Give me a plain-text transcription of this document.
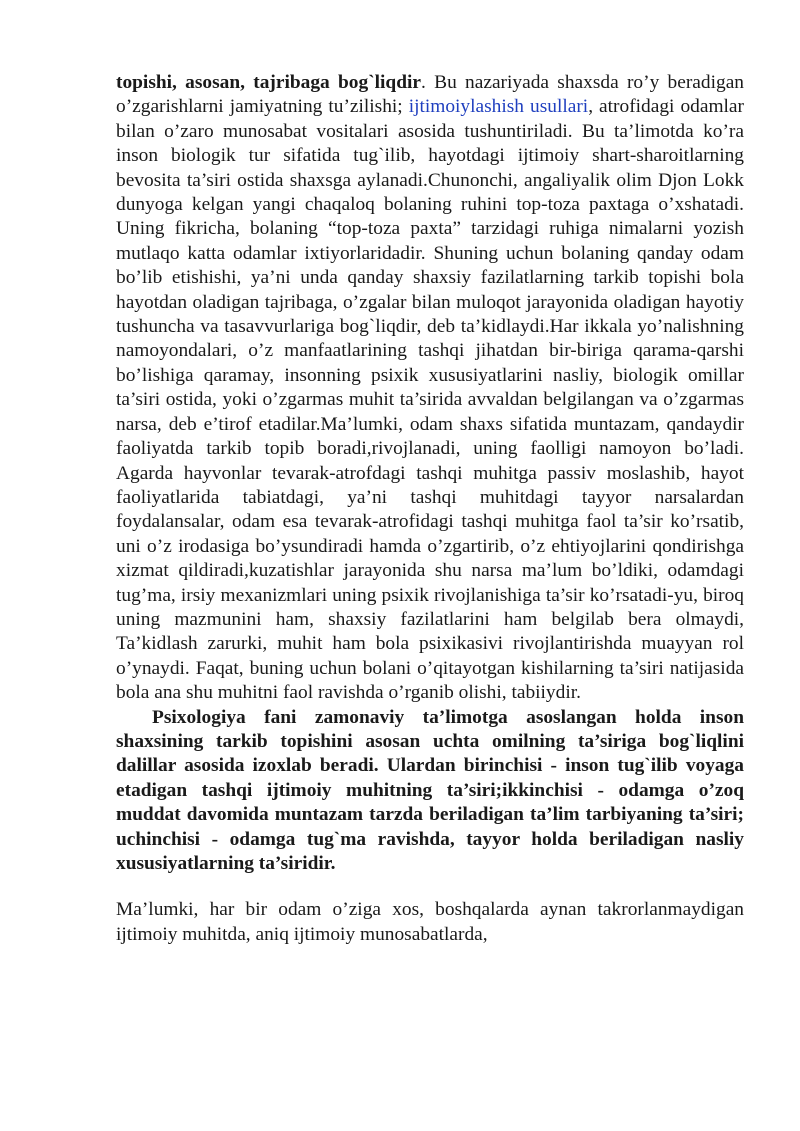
topishi, asosan, tajribaga bog`liqdir. Bu nazariyada shaxsda ro’y beradigan o’zgarishlarni jamiyatning tu’zilishi; ijtimoiylashish usullari, atrofidagi odamlar bilan o’zaro munosabat vositalari asosida tushuntiriladi. Bu ta’limotda ko’ra inson biologik tur sifatida tug`ilib, hayotdagi ijtimoiy shart-sharoitlarning bevosita ta’siri ostida shaxsga aylanadi.Chunonchi, angaliyalik olim Djon Lokk dunyoga kelgan yangi chaqaloq bolaning ruhini top-toza paxtaga o’xshatadi. Uning fikricha, bolaning “top-toza paxta” tarzidagi ruhiga nimalarni yozish mutlaqo katta odamlar ixtiyorlaridadir. Shuning uchun bolaning qanday odam bo’lib etishishi, ya’ni unda qanday shaxsiy fazilatlarning tarkib topishi bola hayotdan oladigan tajribaga, o’zgalar bilan muloqot jarayonida oladigan hayotiy tushuncha va tasavvurlariga bog`liqdir, deb ta’kidlaydi.Har ikkala yo’nalishning namoyondalari, o’z manfaatlarining tashqi jihatdan bir-biriga qarama-qarshi bo’lishiga qaramay, insonning psixik xususiyatlarini nasliy, biologik omillar ta’siri ostida, yoki o’zgarmas muhit ta’sirida avvaldan belgilangan va o’zgarmas narsa, deb e’tirof etadilar.Ma’lumki, odam shaxs sifatida muntazam, qandaydir faoliyatda tarkib topib boradi,rivojlanadi, uning faolligi namoyon bo’ladi. Agarda hayvonlar tevarak-atrofdagi tashqi muhitga passiv moslashib, hayot faoliyatlarida tabiatdagi, ya’ni tashqi muhitdagi tayyor narsalardan foydalansalar, odam esa tevarak-atrofidagi tashqi muhitga faol ta’sir ko’rsatib, uni o’z irodasiga bo’ysundiradi hamda o’zgartirib, o’z ehtiyojlarini qondirishga xizmat qildiradi,kuzatishlar jarayonida shu narsa ma’lum bo’ldiki, odamdagi tug’ma, irsiy mexanizmlari uning psixik rivojlanishiga ta’sir ko’rsatadi-yu, biroq uning mazmunini ham, shaxsiy fazilatlarini ham belgilab bera olmaydi, Ta’kidlash zarurki, muhit ham bola psixikasivi rivojlantirishda muayyan rol o’ynaydi. Faqat, buning uchun bolani o’qitayotgan kishilarning ta’siri natijasida bola ana shu muhitni faol ravishda o’rganib olishi, tabiiydir.

Psixologiya fani zamonaviy ta’limotga asoslangan holda inson shaxsining tarkib topishini asosan uchta omilning ta’siriga bog`liqlini dalillar asosida izoxlab beradi. Ulardan birinchisi - inson tug`ilib voyaga etadigan tashqi ijtimoiy muhitning ta’siri;ikkinchisi - odamga o’zoq muddat davomida muntazam tarzda beriladigan ta’lim tarbiyaning ta’siri; uchinchisi - odamga tug`ma ravishda, tayyor holda beriladigan nasliy xususiyatlarning ta’siridir.

Ma’lumki, har bir odam o’ziga xos, boshqalarda aynan takrorlanmaydigan ijtimoiy muhitda, aniq ijtimoiy munosabatlarda,
